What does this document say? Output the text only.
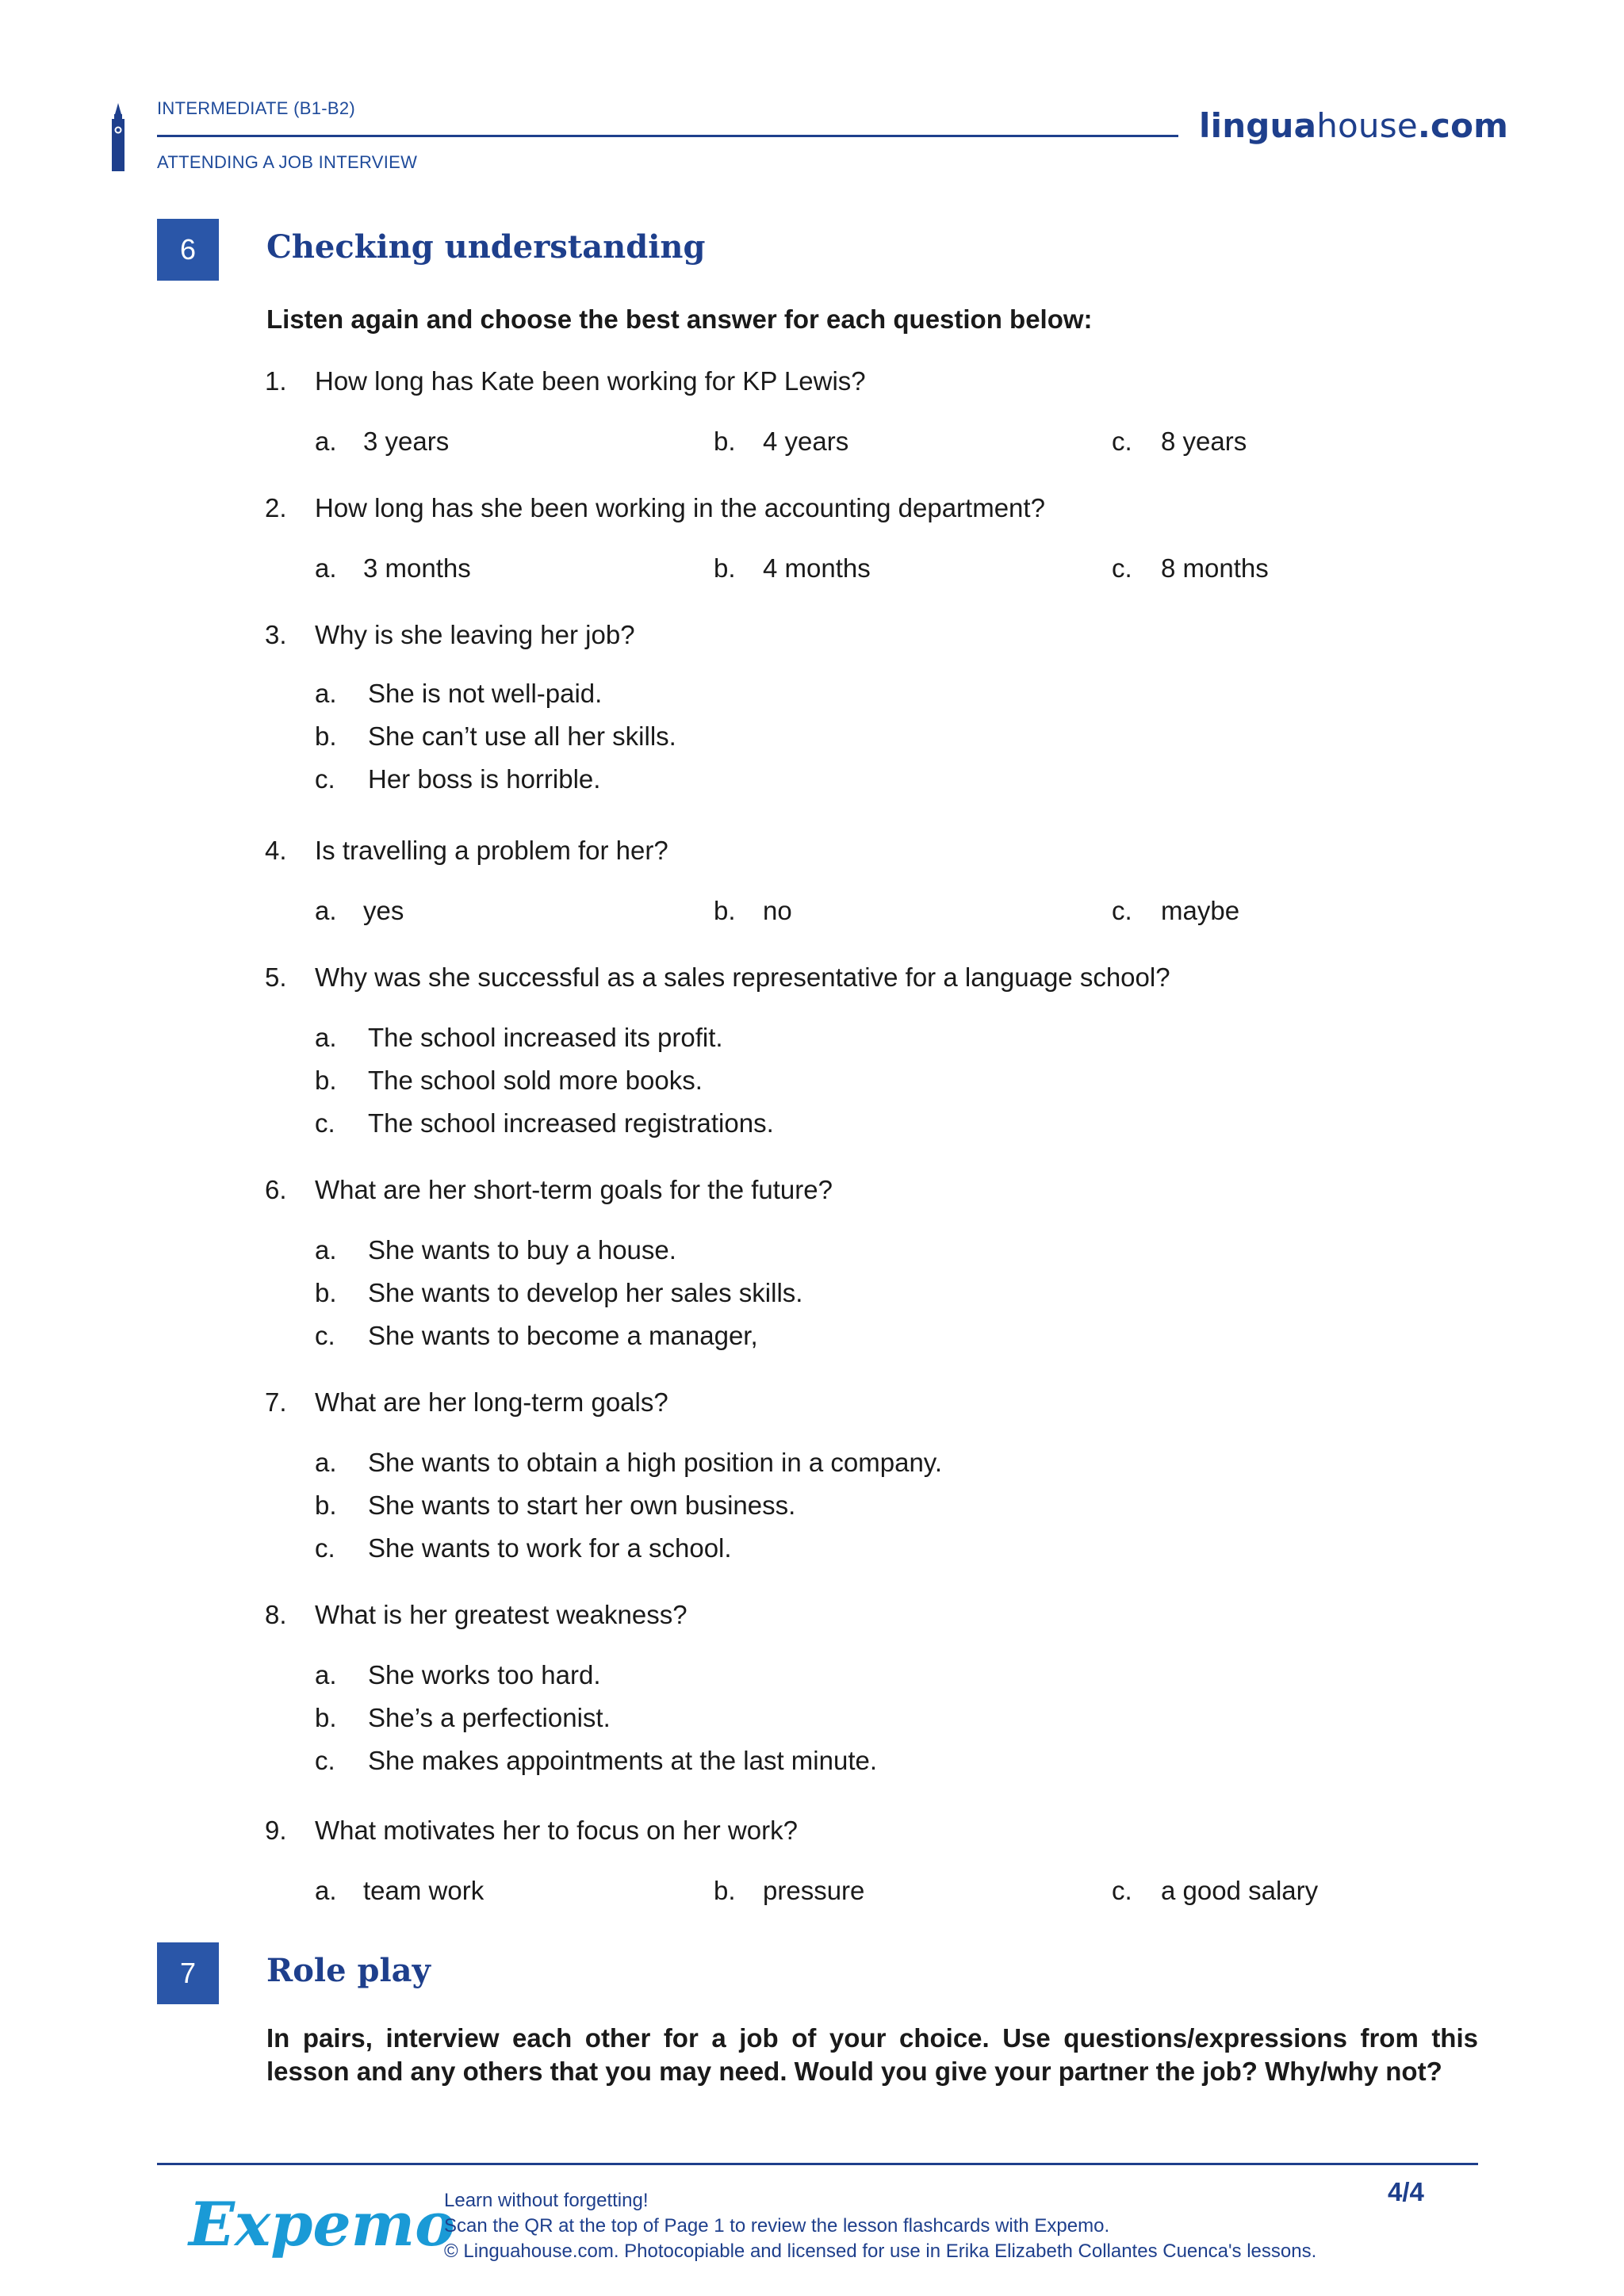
INTERMEDIATE (B1-B2)
ATTENDING A JOB INTERVIEW
linguahouse.com
6	Checking understanding
Listen again and choose the best answer for each question below:
1. How long has Kate been working for KP Lewis?
a. 3 years	b. 4 years	c. 8 years
2. How long has she been working in the accounting department?
a. 3 months	b. 4 months	c. 8 months
3. Why is she leaving her job?
a. She is not well-paid.
b. She can’t use all her skills.
c. Her boss is horrible.
4. Is travelling a problem for her?
a. yes	b. no	c. maybe
5. Why was she successful as a sales representative for a language school?
a. The school increased its profit.
b. The school sold more books.
c. The school increased registrations.
6. What are her short-term goals for the future?
a. She wants to buy a house.
b. She wants to develop her sales skills.
c. She wants to become a manager,
7. What are her long-term goals?
a. She wants to obtain a high position in a company.
b. She wants to start her own business.
c. She wants to work for a school.
8. What is her greatest weakness?
a. She works too hard.
b. She’s a perfectionist.
c. She makes appointments at the last minute.
9. What motivates her to focus on her work?
a. team work	b. pressure	c. a good salary
7	Role play
In pairs, interview each other for a job of your choice. Use questions/expressions from this lesson and any others that you may need. Would you give your partner the job? Why/why not?
Expemo
Learn without forgetting!
Scan the QR at the top of Page 1 to review the lesson flashcards with Expemo.
© Linguahouse.com. Photocopiable and licensed for use in Erika Elizabeth Collantes Cuenca's lessons.
4/4
